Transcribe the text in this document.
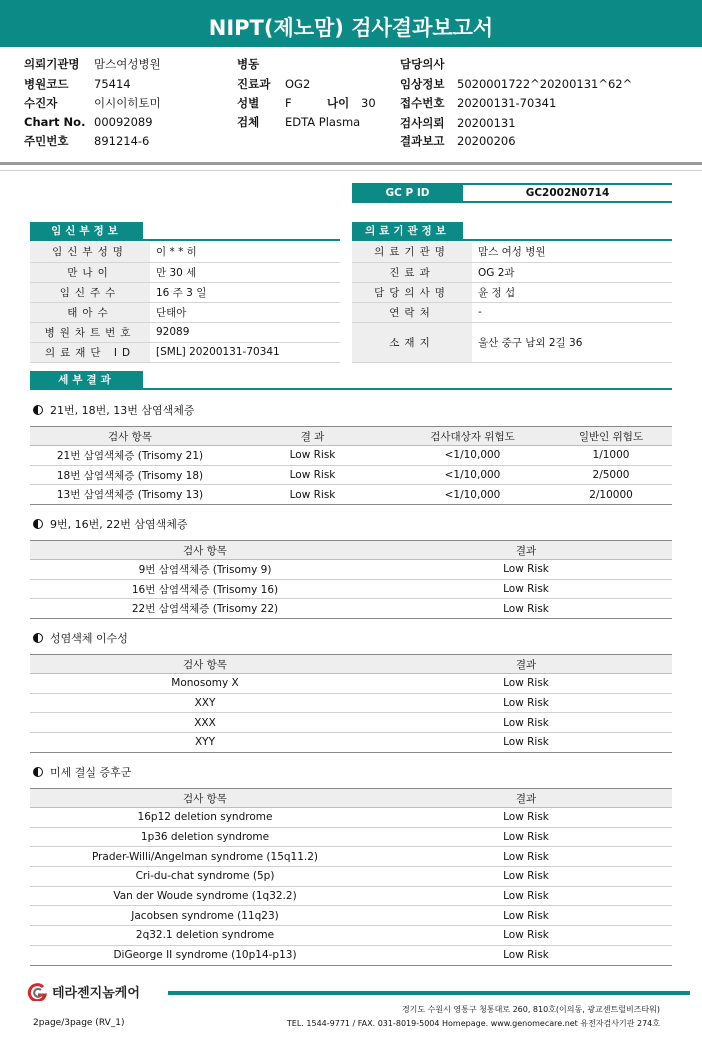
NIPT(제노맘) 검사결과보고서
의뢰기관명 맘스여성병원
병원코드 75414
수진자	이시이히토미
Chart No. 00092089
주민번호 891214-6
병동
진료과 OG2
성별 F	나이 30
검체 EDTA Plasma
담당의사
임상정보 5020001722^20200131^62^
접수번호 20200131-70341
검사의뢰 20200131
결과보고 20200206
GC P ID	GC2002N0714
임신부정보
임신부성명	이 * * 히
만나이	만 30 세
임신주수	16 주 3 일
태아수	단태아
병원차트번호	92089
의료재단 ID	[SML] 20200131-70341
의료기관정보
의료기관명	맘스 여성 병원
진료과	OG 2과
담당의사명	윤 정 섭
연락처	-
소재지	울산 중구 남외 2길 36

세부결과
21번, 18번, 13번 삼염색체증
검사 항목	결 과	검사대상자 위험도	일반인 위험도
21번 삼염색체증 (Trisomy 21)	Low Risk	<1/10,000	1/1000
18번 삼염색체증 (Trisomy 18)	Low Risk	<1/10,000	2/5000
13번 삼염색체증 (Trisomy 13)	Low Risk	<1/10,000	2/10000
9번, 16번, 22번 삼염색체증
검사 항목	결과
9번 삼염색체증 (Trisomy 9)	Low Risk
16번 삼염색체증 (Trisomy 16)	Low Risk
22번 삼염색체증 (Trisomy 22)	Low Risk
성염색체 이수성
검사 항목	결과
Monosomy X	Low Risk
XXY	Low Risk
XXX	Low Risk
XYY	Low Risk
미세 결실 증후군
검사 항목	결과
16p12 deletion syndrome	Low Risk
1p36 deletion syndrome	Low Risk
Prader-Willi/Angelman syndrome (15q11.2)	Low Risk
Cri-du-chat syndrome (5p)	Low Risk
Van der Woude syndrome (1q32.2)	Low Risk
Jacobsen syndrome (11q23)	Low Risk
2q32.1 deletion syndrome	Low Risk
DiGeorge II syndrome (10p14-p13)	Low Risk
테라젠지놈케어
경기도 수원시 영통구 청통대로 260, 810호(이의동, 광교센트럴비즈타워)
TEL. 1544-9771 / FAX. 031-8019-5004 Homepage. www.genomecare.net 유전자검사기관 274호
2page/3page (RV_1)
